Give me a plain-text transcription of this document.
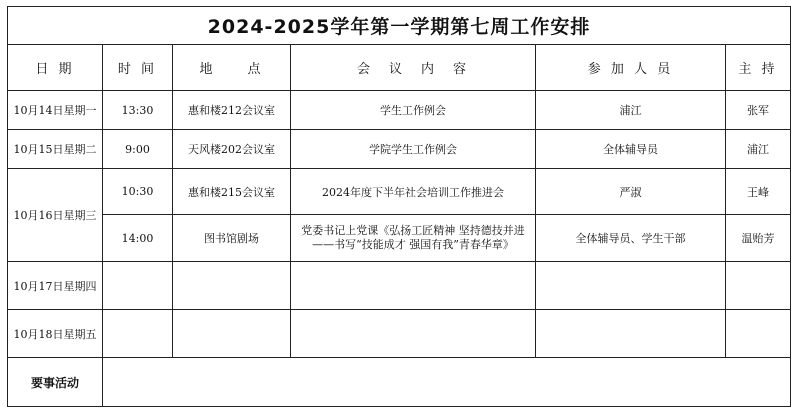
2024-2025学年第一学期第七周工作安排					
日 期	时 间	地　　点	会　议　内　容	参 加 人 员	主 持
10月14日星期一	13:30	惠和楼212会议室	学生工作例会	浦江	张军
10月15日星期二	9:00	天风楼202会议室	学院学生工作例会	全体辅导员	浦江
10月16日星期三	10:30	惠和楼215会议室	2024年度下半年社会培训工作推进会	严淑	王峰
	14:00	图书馆剧场	党委书记上党课《弘扬工匠精神 坚持德技并进
——书写“技能成才 强国有我”青春华章》	全体辅导员、学生干部	温贻芳
10月17日星期四					
10月18日星期五					
要事活动					
